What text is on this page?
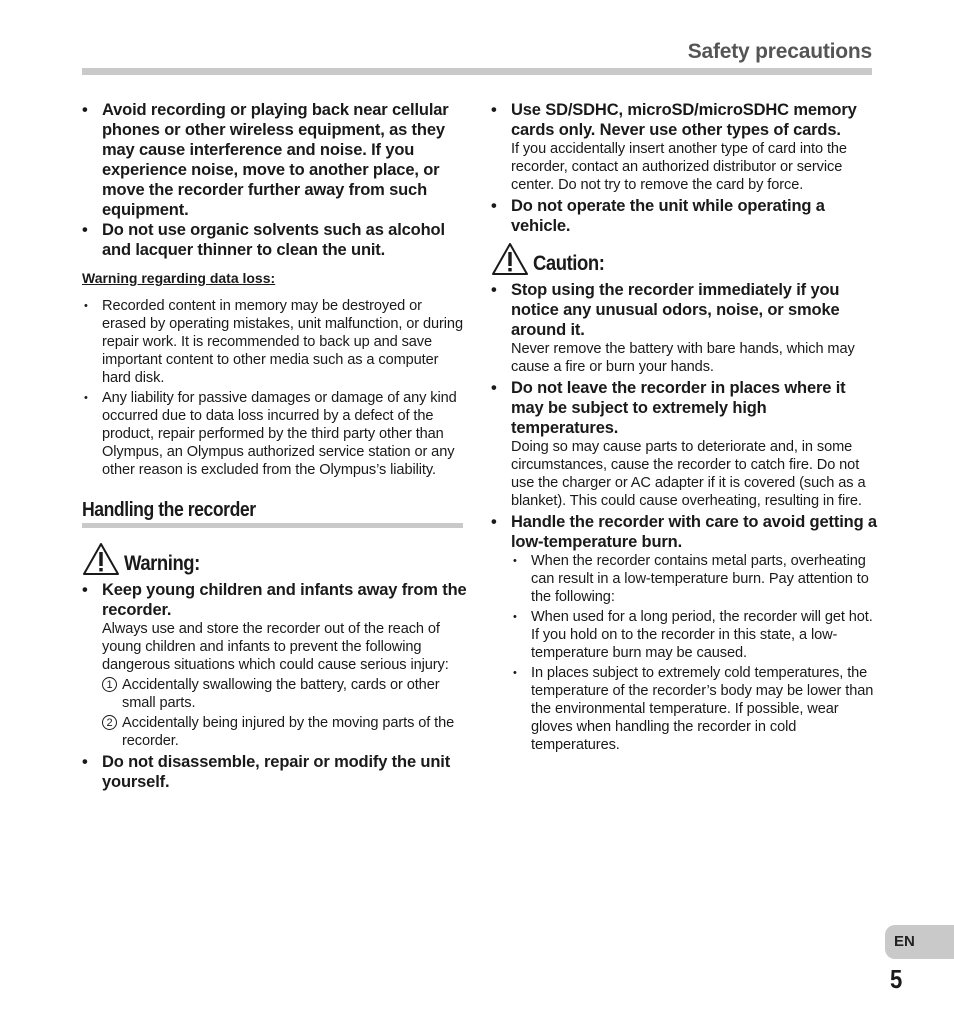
Safety precautions
• Avoid recording or playing back near cellular phones or other wireless equipment, as they may cause interference and noise. If you experience noise, move to another place, or move the recorder further away from such equipment.
• Do not use organic solvents such as alcohol and lacquer thinner to clean the unit.
Warning regarding data loss:
• Recorded content in memory may be destroyed or erased by operating mistakes, unit malfunction, or during repair work. It is recommended to back up and save important content to other media such as a computer hard disk.
• Any liability for passive damages or damage of any kind occurred due to data loss incurred by a defect of the product, repair performed by the third party other than Olympus, an Olympus authorized service station or any other reason is excluded from the Olympus’s liability.
Handling the recorder
Warning:
• Keep young children and infants away from the recorder.
Always use and store the recorder out of the reach of young children and infants to prevent the following dangerous situations which could cause serious injury:
1 Accidentally swallowing the battery, cards or other small parts.
2 Accidentally being injured by the moving parts of the recorder.
• Do not disassemble, repair or modify the unit yourself.
• Use SD/SDHC, microSD/microSDHC memory cards only. Never use other types of cards.
If you accidentally insert another type of card into the recorder, contact an authorized distributor or service center. Do not try to remove the card by force.
• Do not operate the unit while operating a vehicle.
Caution:
• Stop using the recorder immediately if you notice any unusual odors, noise, or smoke around it.
Never remove the battery with bare hands, which may cause a fire or burn your hands.
• Do not leave the recorder in places where it may be subject to extremely high temperatures.
Doing so may cause parts to deteriorate and, in some circumstances, cause the recorder to catch fire. Do not use the charger or AC adapter if it is covered (such as a blanket). This could cause overheating, resulting in fire.
• Handle the recorder with care to avoid getting a low-temperature burn.
• When the recorder contains metal parts, overheating can result in a low-temperature burn. Pay attention to the following:
• When used for a long period, the recorder will get hot. If you hold on to the recorder in this state, a low-temperature burn may be caused.
• In places subject to extremely cold temperatures, the temperature of the recorder’s body may be lower than the environmental temperature. If possible, wear gloves when handling the recorder in cold temperatures.
EN
5
